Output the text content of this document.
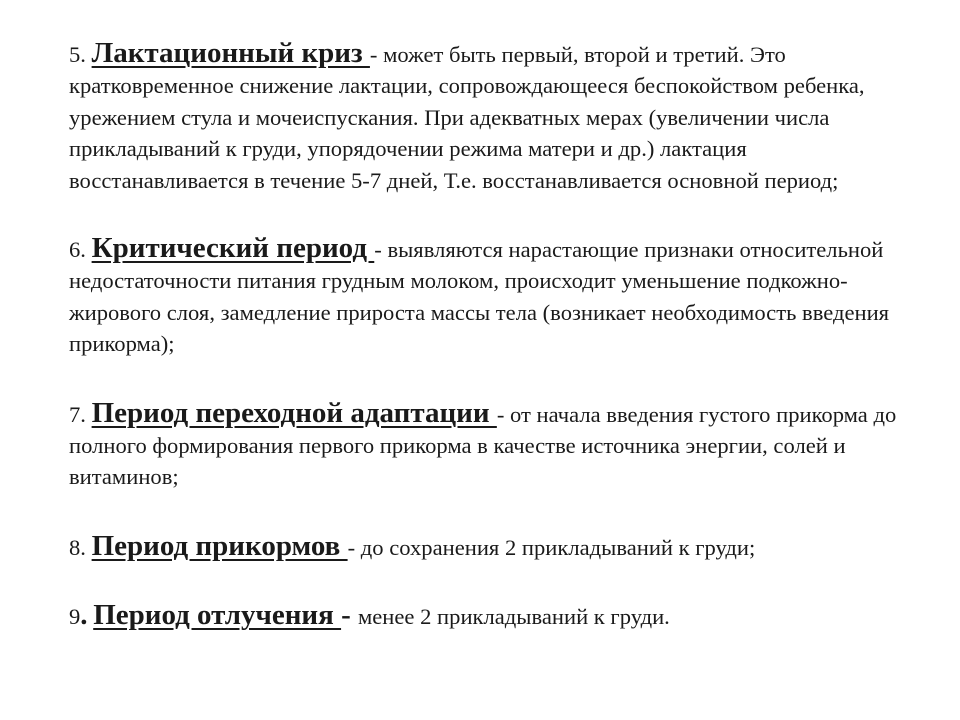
5. Лактационный криз - может быть первый, второй и третий. Это кратковременное снижение лактации, сопровождающееся беспокойством ребенка, урежением стула и мочеиспускания. При адекватных мерах (увеличении числа прикладываний к груди, упорядочении режима матери и др.) лактация восстанавливается в течение 5-7 дней, Т.е. восстанавливается основной период;

6. Критический период - выявляются нарастающие признаки относительной недостаточности питания грудным молоком, происходит уменьшение подкожно-жирового слоя, замедление прироста массы тела (возникает необходимость введения прикорма);

7. Период переходной адаптации - от начала введения густого прикорма до полного формирования первого прикорма в качестве источника энергии, солей и витаминов;

8. Период прикормов - до сохранения 2 прикладываний к груди;

9. Период отлучения - менее 2 прикладываний к груди.
